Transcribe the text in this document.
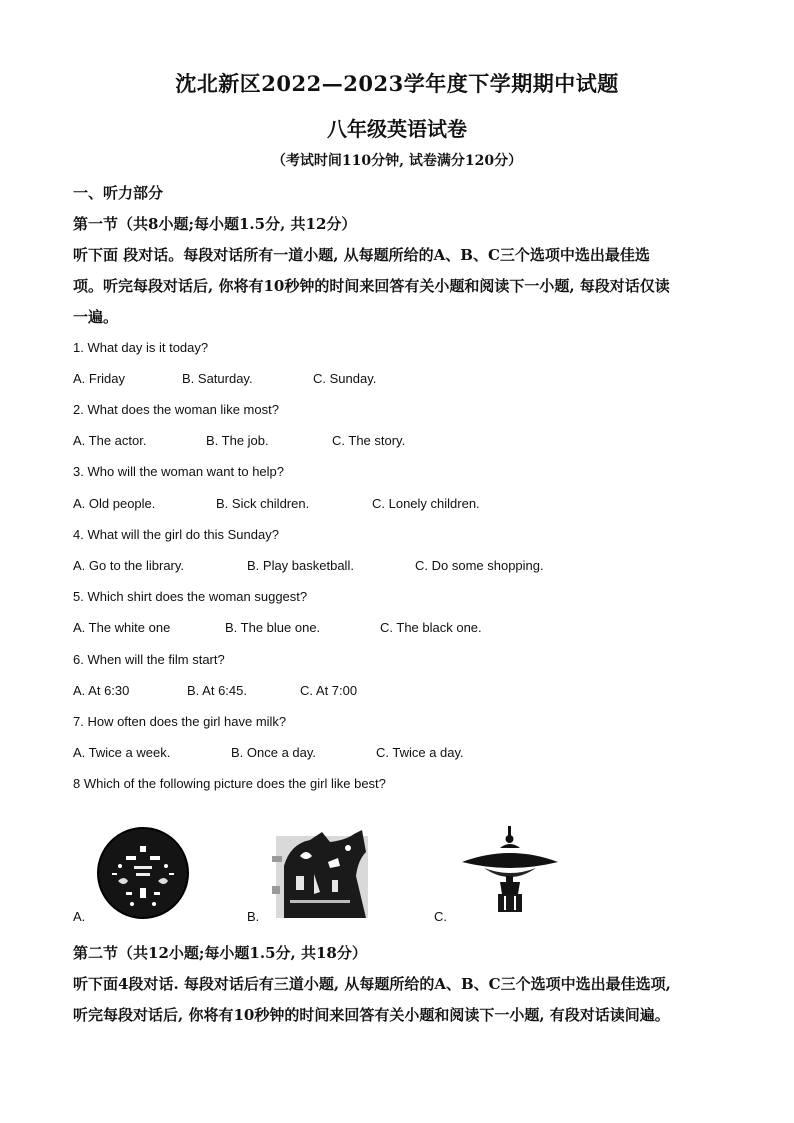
沈北新区2022—2023学年度下学期期中试题
八年级英语试卷
（考试时间110分钟, 试卷满分120分）
一、听力部分
第一节（共8小题;每小题1.5分, 共12分）
听下面 段对话。每段对话所有一道小题, 从每题所给的A、B、C三个选项中选出最佳选
项。听完每段对话后, 你将有10秒钟的时间来回答有关小题和阅读下一小题, 每段对话仅读
一遍。
1. What day is it today?
A. Friday	B. Saturday.	C. Sunday.
2. What does the woman like most?
A. The actor.	B. The job.	C. The story.
3. Who will the woman want to help?
A. Old people.	B. Sick children.	C. Lonely children.
4. What will the girl do this Sunday?
A. Go to the library.	B. Play basketball.	C. Do some shopping.
5. Which shirt does the woman suggest?
A. The white one	B. The blue one.	C. The black one.
6. When will the film start?
A. At 6:30	B. At 6:45.	C. At 7:00
7. How often does the girl have milk?
A. Twice a week.	B. Once a day.	C. Twice a day.
8 Which of the following picture does the girl like best?
A.	B.	C.
第二节（共12小题;每小题1.5分, 共18分）
听下面4段对话. 每段对话后有三道小题, 从每题所给的A、B、C三个选项中选出最佳选项,
听完每段对话后, 你将有10秒钟的时间来回答有关小题和阅读下一小题, 有段对话读间遍。
